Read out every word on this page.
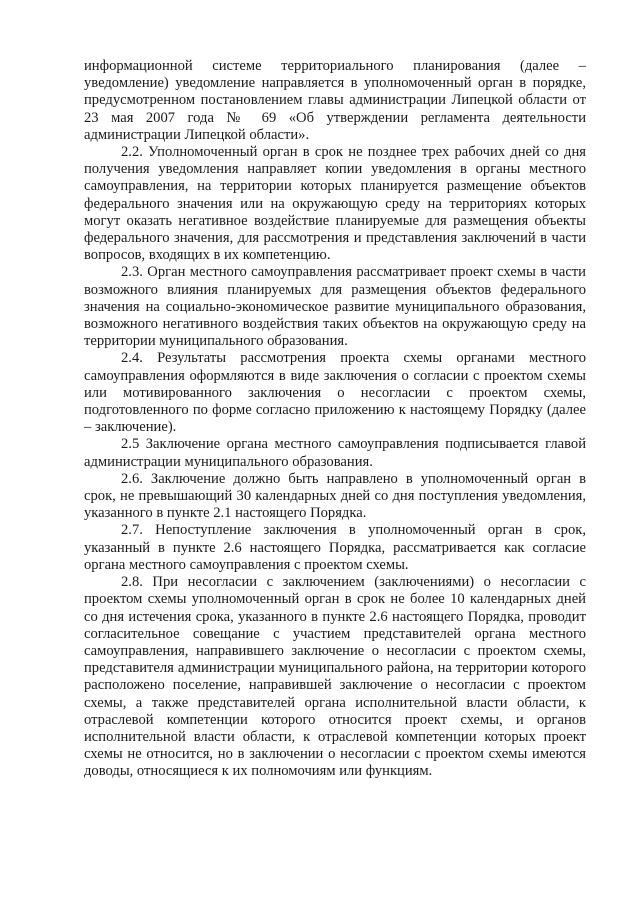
информационной системе территориального планирования (далее – уведомление) уведомление направляется в уполномоченный орган в порядке, предусмотренном постановлением главы администрации Липецкой области от 23 мая 2007 года № 69 «Об утверждении регламента деятельности администрации Липецкой области».

2.2. Уполномоченный орган в срок не позднее трех рабочих дней со дня получения уведомления направляет копии уведомления в органы местного самоуправления, на территории которых планируется размещение объектов федерального значения или на окружающую среду на территориях которых могут оказать негативное воздействие планируемые для размещения объекты федерального значения, для рассмотрения и представления заключений в части вопросов, входящих в их компетенцию.

2.3. Орган местного самоуправления рассматривает проект схемы в части возможного влияния планируемых для размещения объектов федерального значения на социально-экономическое развитие муниципального образования, возможного негативного воздействия таких объектов на окружающую среду на территории муниципального образования.

2.4. Результаты рассмотрения проекта схемы органами местного самоуправления оформляются в виде заключения о согласии с проектом схемы или мотивированного заключения о несогласии с проектом схемы, подготовленного по форме согласно приложению к настоящему Порядку (далее – заключение).

2.5 Заключение органа местного самоуправления подписывается главой администрации муниципального образования.

2.6. Заключение должно быть направлено в уполномоченный орган в срок, не превышающий 30 календарных дней со дня поступления уведомления, указанного в пункте 2.1 настоящего Порядка.

2.7. Непоступление заключения в уполномоченный орган в срок, указанный в пункте 2.6 настоящего Порядка, рассматривается как согласие органа местного самоуправления с проектом схемы.

2.8. При несогласии с заключением (заключениями) о несогласии с проектом схемы уполномоченный орган в срок не более 10 календарных дней со дня истечения срока, указанного в пункте 2.6 настоящего Порядка, проводит согласительное совещание с участием представителей органа местного самоуправления, направившего заключение о несогласии с проектом схемы, представителя администрации муниципального района, на территории которого расположено поселение, направившей заключение о несогласии с проектом схемы, а также представителей органа исполнительной власти области, к отраслевой компетенции которого относится проект схемы, и органов исполнительной власти области, к отраслевой компетенции которых проект схемы не относится, но в заключении о несогласии с проектом схемы имеются доводы, относящиеся к их полномочиям или функциям.
